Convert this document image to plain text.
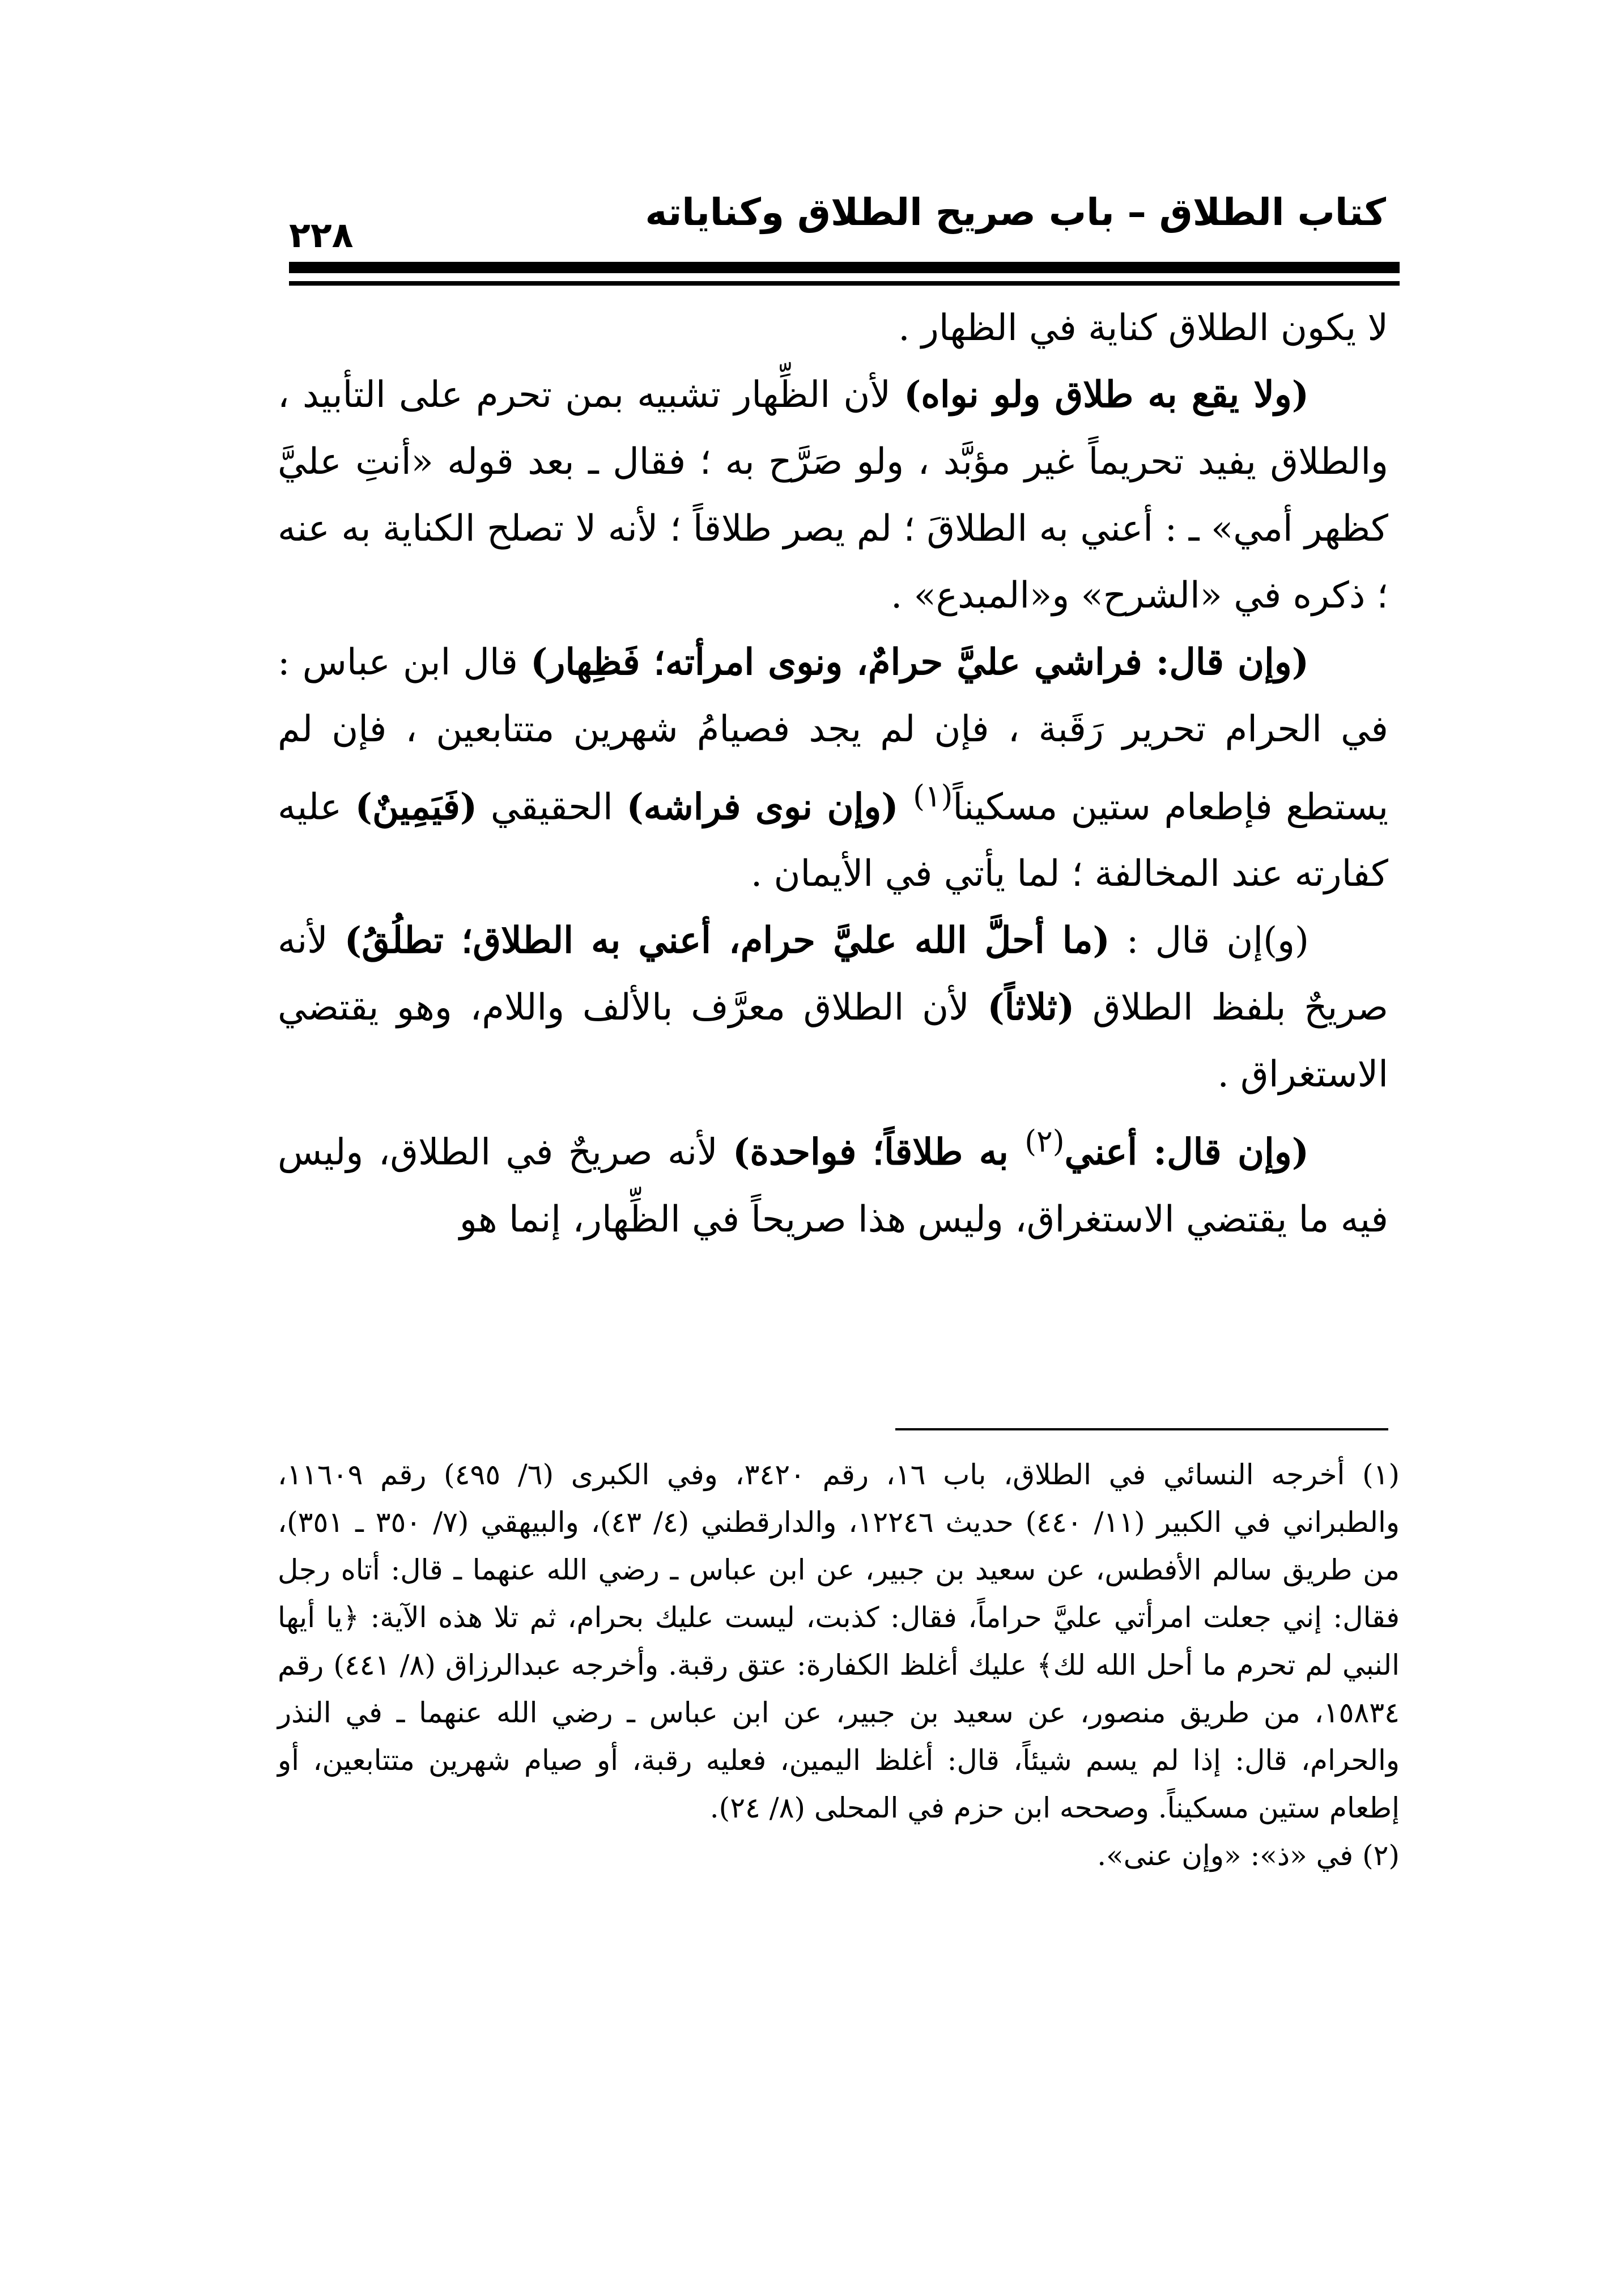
كتاب الطلاق – باب صريح الطلاق وكناياته
٢٢٨

لا يكون الطلاق كناية في الظهار .

(ولا يقع به طلاق ولو نواه) لأن الظِّهار تشبيه بمن تحرم على التأبيد ، والطلاق يفيد تحريماً غير مؤبَّد ، ولو صَرَّح به ؛ فقال ـ بعد قوله «أنتِ عليَّ كظهر أمي» ـ : أعني به الطلاقَ ؛ لم يصر طلاقاً ؛ لأنه لا تصلح الكناية به عنه ؛ ذكره في «الشرح» و«المبدع» .

(وإن قال: فراشي عليَّ حرامٌ، ونوى امرأته؛ فَظِهار) قال ابن عباس : في الحرام تحرير رَقَبة ، فإن لم يجد فصيامُ شهرين متتابعين ، فإن لم يستطع فإطعام ستين مسكيناً$^{(١)}$ (وإن نوى فراشه) الحقيقي (فَيَمِينٌ) عليه كفارته عند المخالفة ؛ لما يأتي في الأيمان .

(و)إن قال : (ما أحلَّ الله عليَّ حرام، أعني به الطلاق؛ تطلُقُ) لأنه صريحٌ بلفظ الطلاق (ثلاثاً) لأن الطلاق معرَّف بالألف واللام، وهو يقتضي الاستغراق .

(وإن قال: أعني$^{(٢)}$ به طلاقاً؛ فواحدة) لأنه صريحٌ في الطلاق، وليس فيه ما يقتضي الاستغراق، وليس هذا صريحاً في الظِّهار، إنما هو

(١) أخرجه النسائي في الطلاق، باب ١٦، رقم ٣٤٢٠، وفي الكبرى (٦/ ٤٩٥) رقم ١١٦٠٩، والطبراني في الكبير (١١/ ٤٤٠) حديث ١٢٢٤٦، والدارقطني (٤/ ٤٣)، والبيهقي (٧/ ٣٥٠ ـ ٣٥١)، من طريق سالم الأفطس، عن سعيد بن جبير، عن ابن عباس ـ رضي الله عنهما ـ قال: أتاه رجل فقال: إني جعلت امرأتي عليَّ حراماً، فقال: كذبت، ليست عليك بحرام، ثم تلا هذه الآية: ﴿يا أيها النبي لم تحرم ما أحل الله لك﴾ عليك أغلظ الكفارة: عتق رقبة. وأخرجه عبدالرزاق (٨/ ٤٤١) رقم ١٥٨٣٤، من طريق منصور، عن سعيد بن جبير، عن ابن عباس ـ رضي الله عنهما ـ في النذر والحرام، قال: إذا لم يسم شيئاً، قال: أغلظ اليمين، فعليه رقبة، أو صيام شهرين متتابعين، أو إطعام ستين مسكيناً. وصححه ابن حزم في المحلى (٨/ ٢٤).

(٢) في «ذ»: «وإن عنى».
